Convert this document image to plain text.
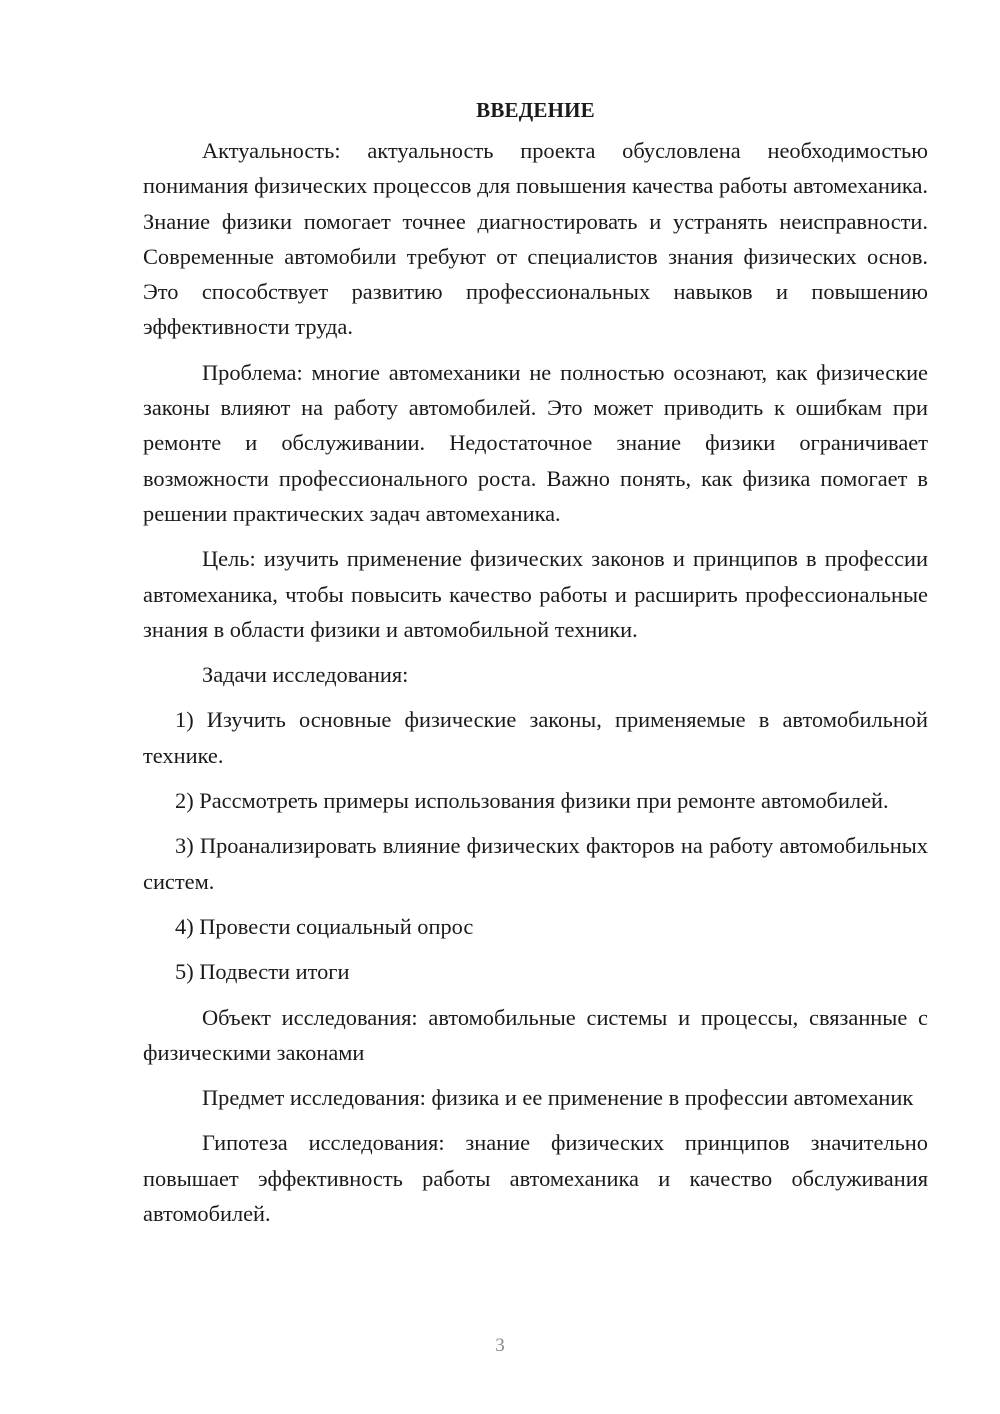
ВВЕДЕНИЕ

Актуальность: актуальность проекта обусловлена необходимостью понимания физических процессов для повышения качества работы автомеханика. Знание физики помогает точнее диагностировать и устранять неисправности. Современные автомобили требуют от специалистов знания физических основ. Это способствует развитию профессиональных навыков и повышению эффективности труда.

Проблема: многие автомеханики не полностью осознают, как физические законы влияют на работу автомобилей. Это может приводить к ошибкам при ремонте и обслуживании. Недостаточное знание физики ограничивает возможности профессионального роста. Важно понять, как физика помогает в решении практических задач автомеханика.

Цель: изучить применение физических законов и принципов в профессии автомеханика, чтобы повысить качество работы и расширить профессиональные знания в области физики и автомобильной техники.

Задачи исследования:

1) Изучить основные физические законы, применяемые в автомобильной технике.

2) Рассмотреть примеры использования физики при ремонте автомобилей.

3) Проанализировать влияние физических факторов на работу автомобильных систем.

4) Провести социальный опрос

5) Подвести итоги

Объект исследования: автомобильные системы и процессы, связанные с физическими законами

Предмет исследования: физика и ее применение в профессии автомеханик

Гипотеза исследования: знание физических принципов значительно повышает эффективность работы автомеханика и качество обслуживания автомобилей.

3
